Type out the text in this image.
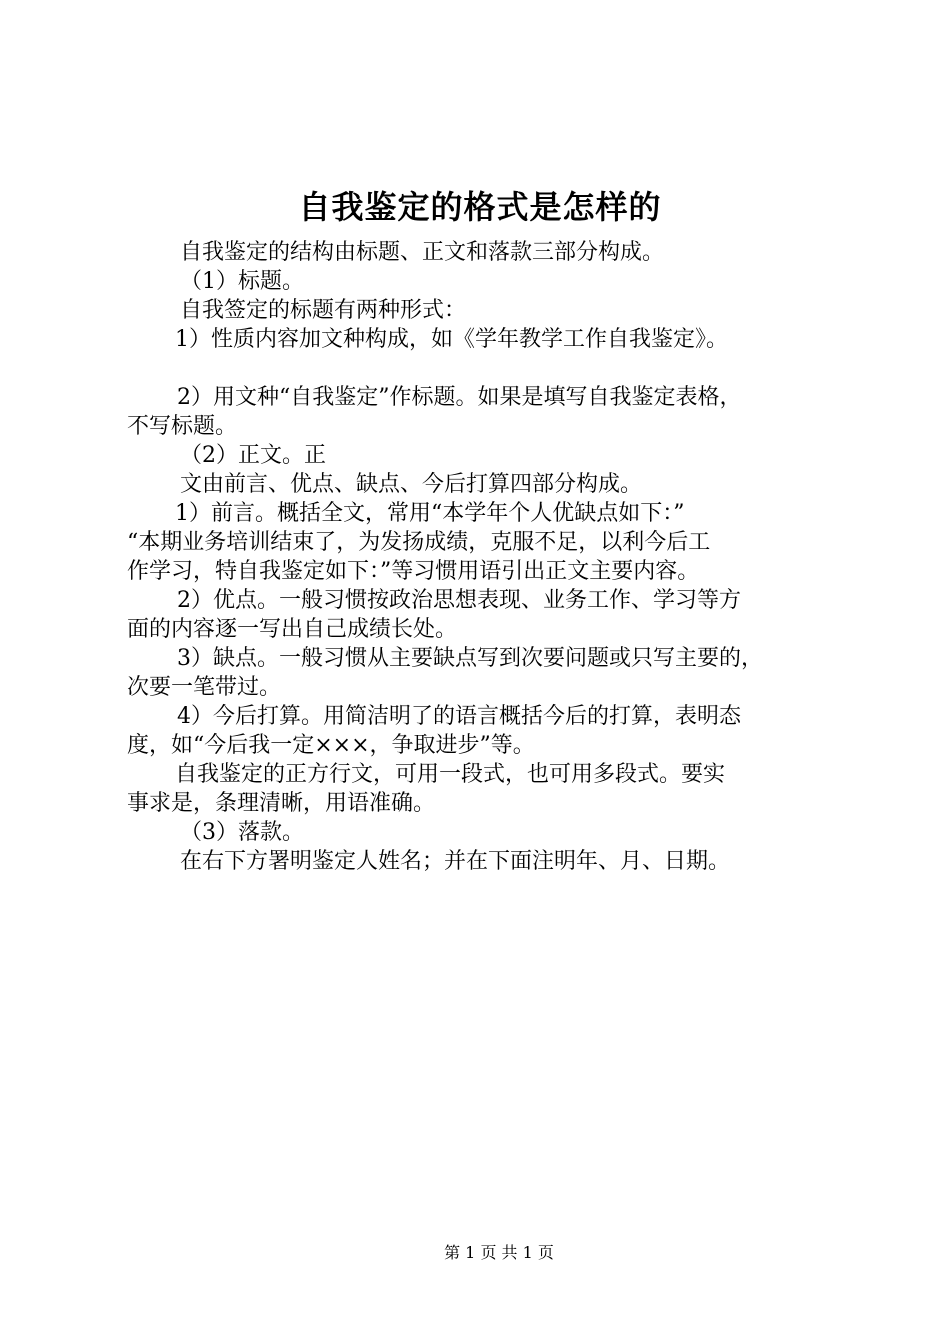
自我鉴定的格式是怎样的
自我鉴定的结构由标题、正文和落款三部分构成。
（1）标题。
自我签定的标题有两种形式：
1）性质内容加文种构成，如《学年教学工作自我鉴定》。
2）用文种“自我鉴定”作标题。如果是填写自我鉴定表格，
不写标题。
（2）正文。正
文由前言、优点、缺点、今后打算四部分构成。
1）前言。概括全文，常用“本学年个人优缺点如下：”
“本期业务培训结束了，为发扬成绩，克服不足，以利今后工
作学习，特自我鉴定如下：”等习惯用语引出正文主要内容。
2）优点。一般习惯按政治思想表现、业务工作、学习等方
面的内容逐一写出自己成绩长处。
3）缺点。一般习惯从主要缺点写到次要问题或只写主要的，
次要一笔带过。
4）今后打算。用简洁明了的语言概括今后的打算，表明态
度，如“今后我一定×××，争取进步”等。
自我鉴定的正方行文，可用一段式，也可用多段式。要实
事求是，条理清晰，用语准确。
（3）落款。
在右下方署明鉴定人姓名；并在下面注明年、月、日期。
第 1 页 共 1 页
